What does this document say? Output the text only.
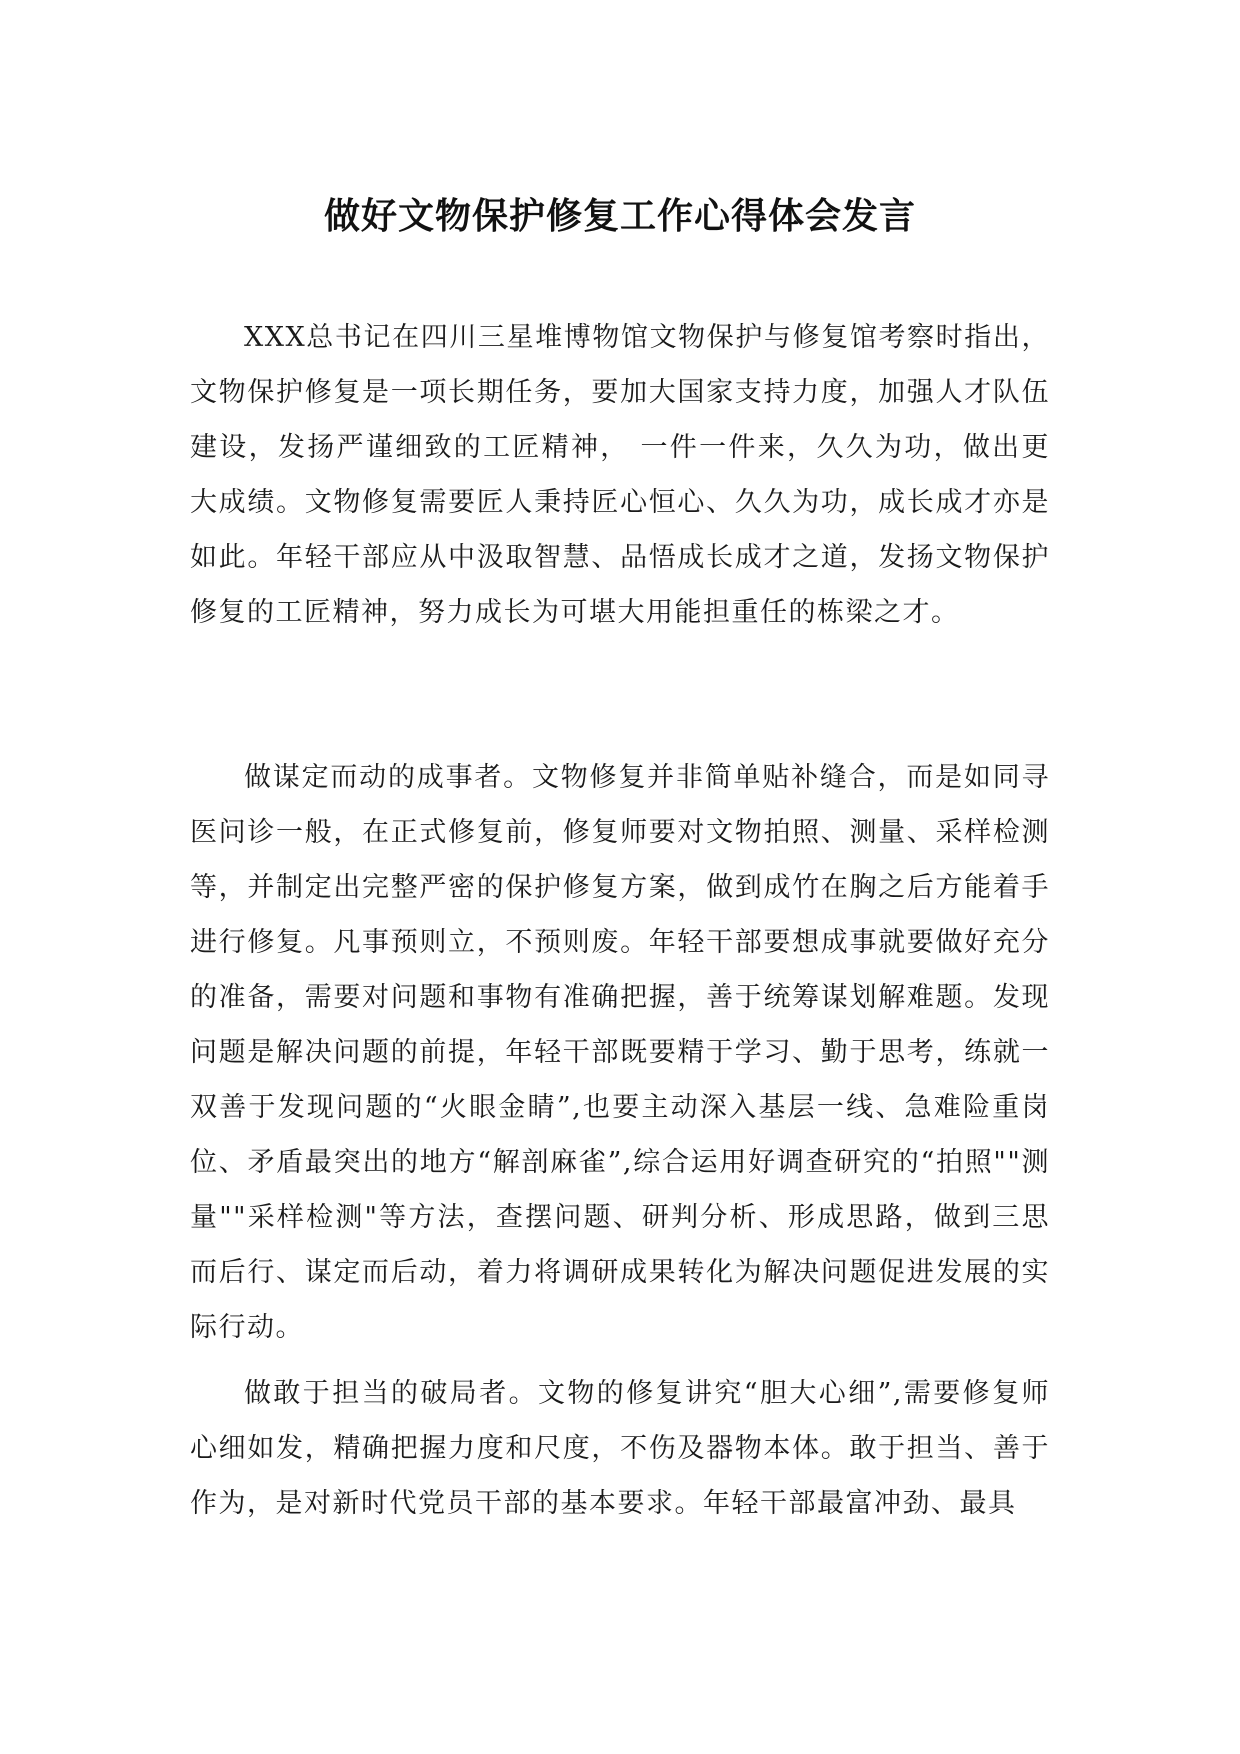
做好文物保护修复工作心得体会发言

XXX总书记在四川三星堆博物馆文物保护与修复馆考察时指出，文物保护修复是一项长期任务，要加大国家支持力度，加强人才队伍建设，发扬严谨细致的工匠精神， 一件一件来，久久为功，做出更大成绩。文物修复需要匠人秉持匠心恒心、久久为功，成长成才亦是如此。年轻干部应从中汲取智慧、品悟成长成才之道，发扬文物保护修复的工匠精神，努力成长为可堪大用能担重任的栋梁之才。

做谋定而动的成事者。文物修复并非简单贴补缝合，而是如同寻医问诊一般，在正式修复前，修复师要对文物拍照、测量、采样检测等，并制定出完整严密的保护修复方案，做到成竹在胸之后方能着手进行修复。凡事预则立，不预则废。年轻干部要想成事就要做好充分的准备，需要对问题和事物有准确把握，善于统筹谋划解难题。发现问题是解决问题的前提，年轻干部既要精于学习、勤于思考，练就一双善于发现问题的“火眼金睛”,也要主动深入基层一线、急难险重岗位、矛盾最突出的地方“解剖麻雀”,综合运用好调查研究的“拍照""测量""采样检测"等方法，查摆问题、研判分析、形成思路，做到三思而后行、谋定而后动，着力将调研成果转化为解决问题促进发展的实际行动。

做敢于担当的破局者。文物的修复讲究“胆大心细”,需要修复师心细如发，精确把握力度和尺度，不伤及器物本体。敢于担当、善于作为，是对新时代党员干部的基本要求。年轻干部最富冲劲、最具
